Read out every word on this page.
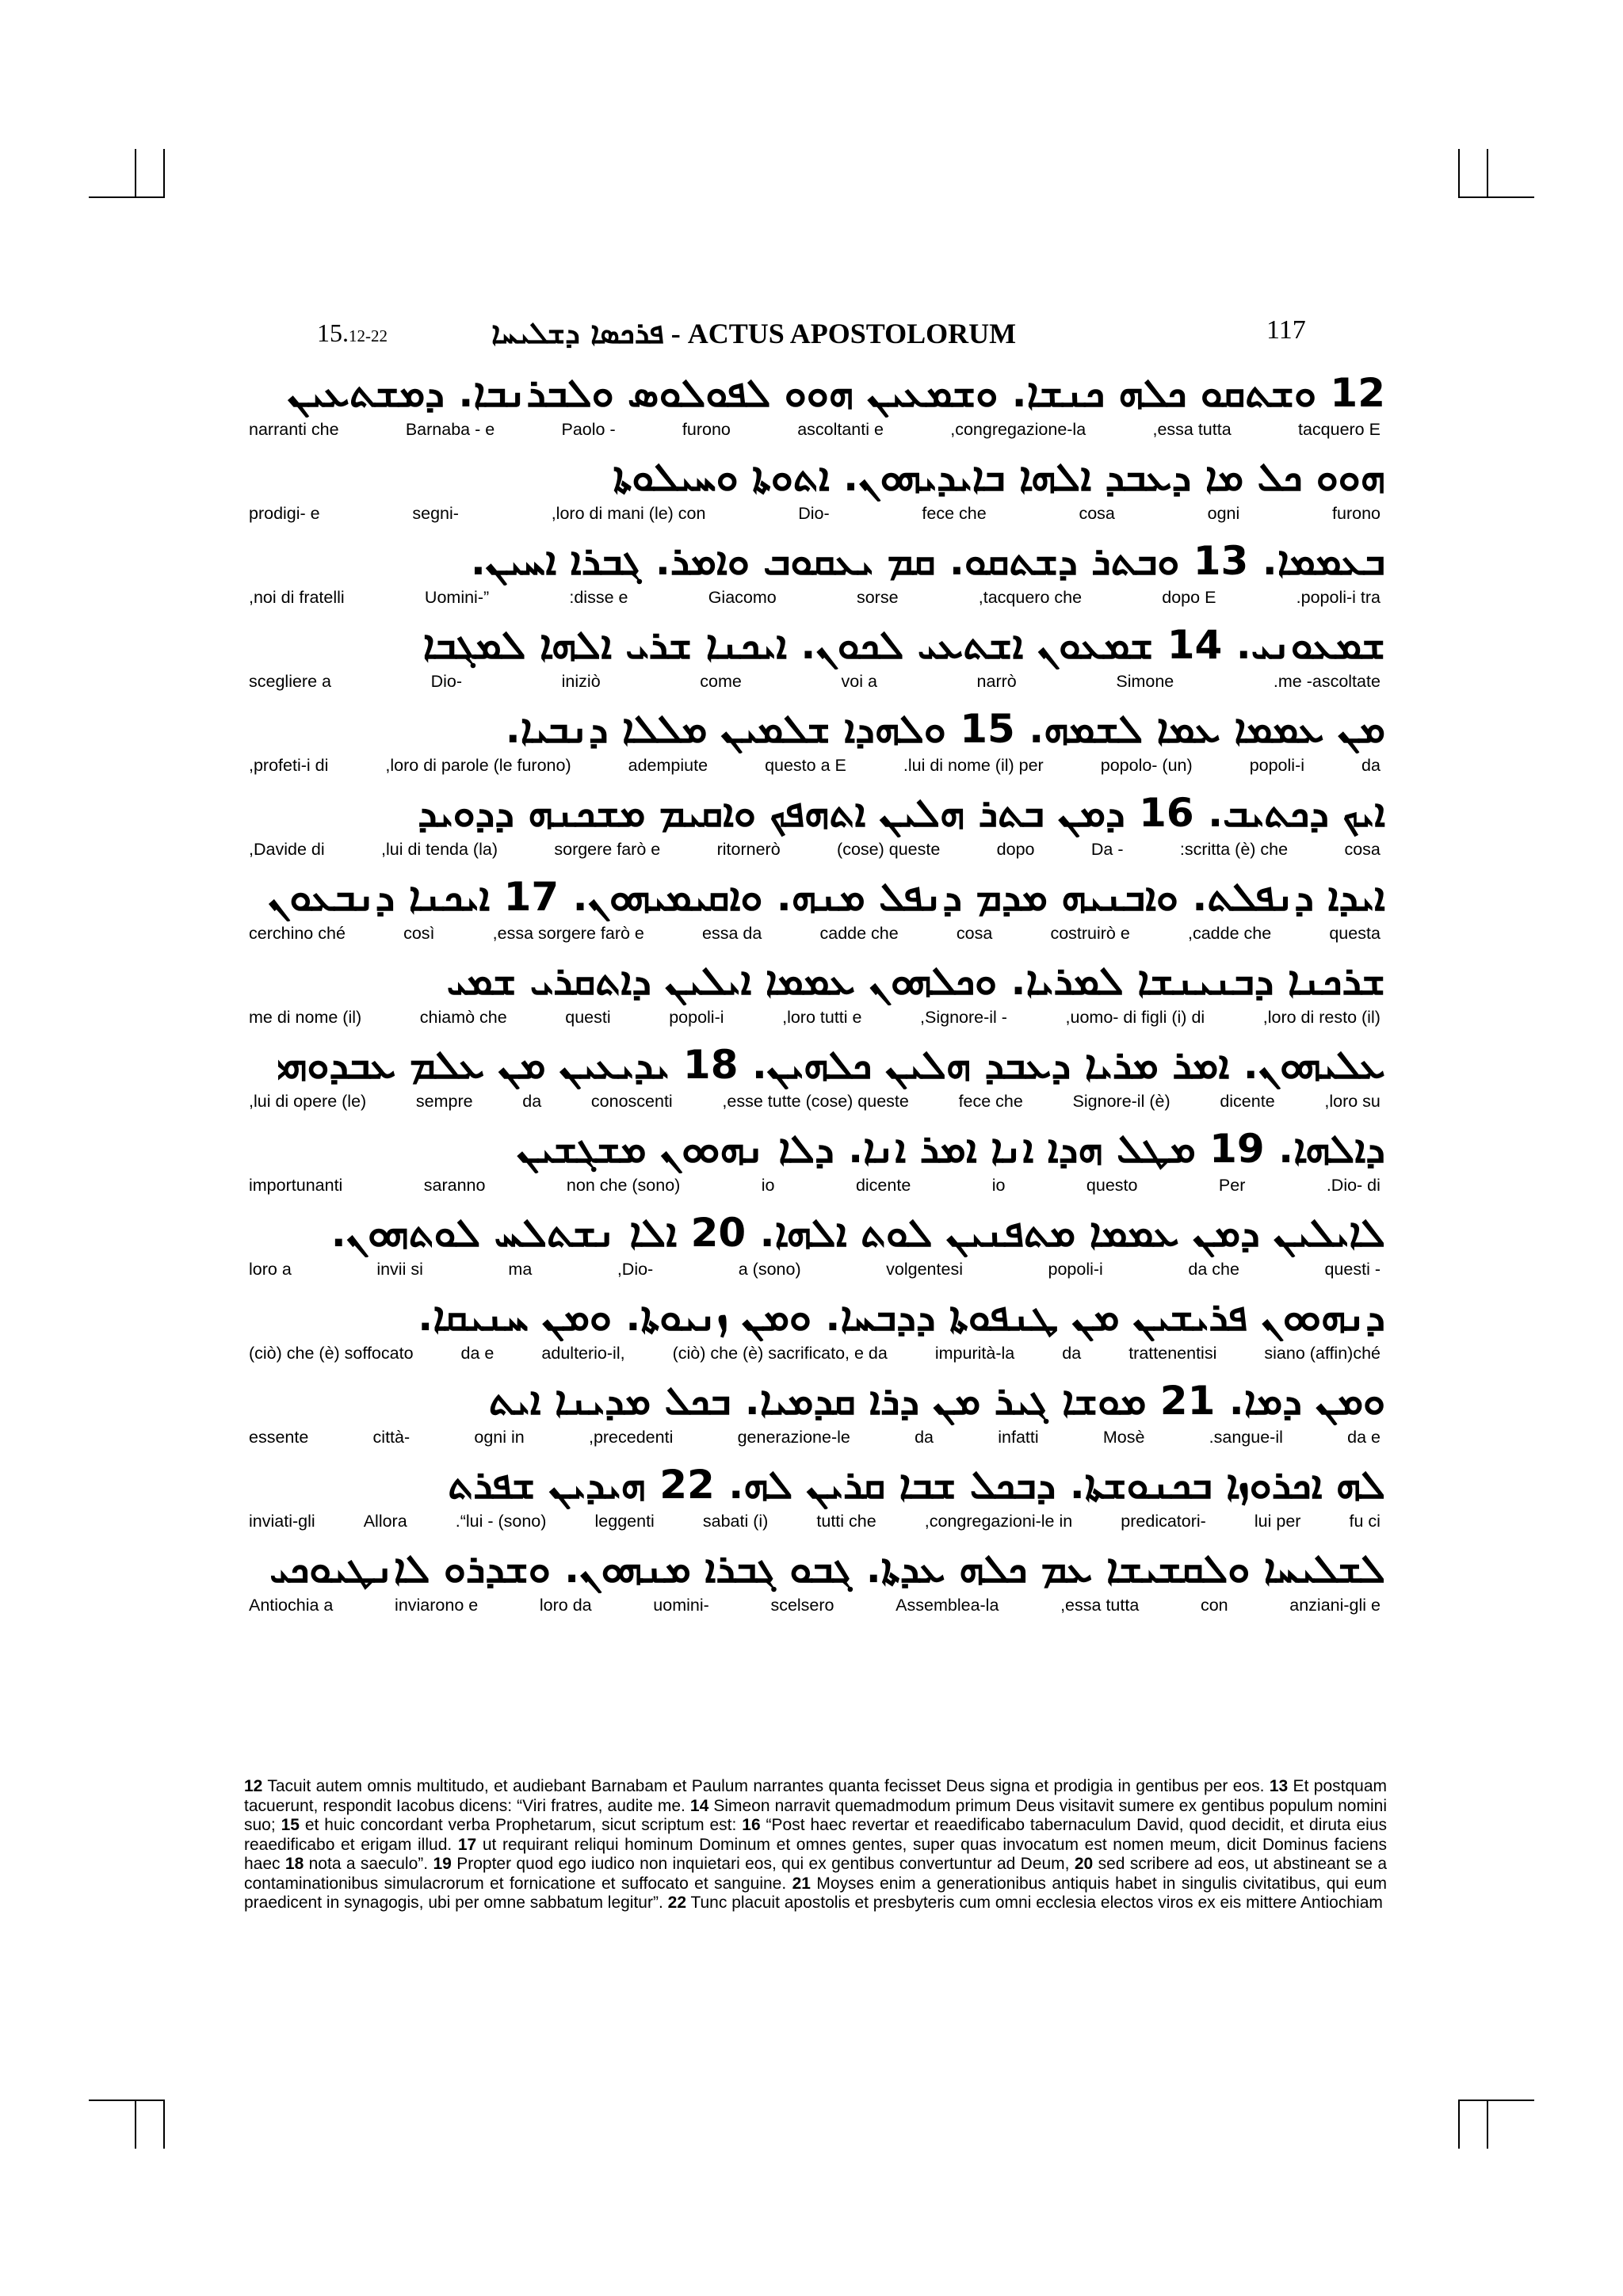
15.12-22	ܦܪܟܣܐ ܕܫܠܝܚܐ - ACTUS APOSTOLORUM	117
12 ܘܫܬܩܘ ܟܠܗ ܟܢܫܐ. ܘܫܡܥܝܢ ܗܘܘ ܠܦܘܠܘܣ ܘܠܒܪܢܒܐ. ܕܡܫܬܥܝܢ
tacquero E
,essa tutta
,congregazione-la
ascoltanti e
furono
Paolo -
Barnaba - e
narranti che
ܗܘܘ ܟܠ ܡܐ ܕܥܒܕ ܐܠܗܐ ܒܐܝܕܝܗܘܢ. ܐܬܘܬܐ ܘܚܝܠܘܬܐ
furono
ogni
cosa
fece che
Dio-
,loro di mani (le) con
segni-
prodigi- e
ܒܥܡܡܐ. 13 ܘܒܬܪ ܕܫܬܩܘ. ܩܡ ܝܥܩܘܒ ܘܐܡܪ. ܓܒܪܐ ܐܚܝܢ.
.popoli-i tra
dopo E
,tacquero che
sorse
Giacomo
:disse e
Uomini-”
,noi di fratelli
ܫܡܥܘܢܝ. 14 ܫܡܥܘܢ ܐܫܬܥܝ ܠܟܘܢ. ܐܝܟܢܐ ܫܪܝ ܐܠܗܐ ܠܡܓܒܐ
.me -ascoltate
Simone
narrò
voi a
come
iniziò
Dio-
scegliere a
ܡܢ ܥܡܡܐ ܥܡܐ ܠܫܡܗ. 15 ܘܠܗܕܐ ܫܠܡܝܢ ܡܠܠܐ ܕܢܒܝܐ.
da
popoli-i
popolo- (un)
.lui di nome (il) per
questo a E
adempiute
,loro di parole (le furono)
,profeti-i di
ܐܝܟ ܕܟܬܝܒ. 16 ܕܡܢ ܒܬܪ ܗܠܝܢ ܐܬܗܦܟ ܘܐܩܝܡ ܡܫܟܢܗ ܕܕܘܝܕ
cosa
:scritta (è) che
Da -
dopo
(cose) queste
ritornerò
sorgere farò e
,lui di tenda (la)
,Davide di
ܐܝܕܐ ܕܢܦܠܬ. ܘܐܒܢܝܗ ܡܕܡ ܕܢܦܠ ܡܢܗ. ܘܐܩܝܡܝܗܘܢ. 17 ܐܝܟܢܐ ܕܢܒܥܘܢ
questa
,cadde che
costruirò e
cosa
cadde che
essa da
,essa sorgere farò e
così
cerchino ché
ܫܪܟܢܐ ܕܒܢܝܢܫܐ ܠܡܪܝܐ. ܘܟܠܗܘܢ ܥܡܡܐ ܐܝܠܝܢ ܕܐܬܩܪܝ ܫܡܝ
,loro di resto (il)
,uomo- di figli (i) di
,Signore-il -
,loro tutti e
popoli-i
questi
chiamò che
me di nome (il)
ܥܠܝܗܘܢ. ܐܡܪ ܡܪܝܐ ܕܥܒܕ ܗܠܝܢ ܟܠܗܝܢ. 18 ܝܕܝܥܝܢ ܡܢ ܥܠܡ ܥܒܕܘܗܝ
,loro su
dicente
Signore-il (è)
fece che
,esse tutte (cose) queste
conoscenti
da
sempre
,lui di opere (le)
ܕܐܠܗܐ. 19 ܡܛܠ ܗܕܐ ܐܢܐ ܐܡܪ ܐܢܐ. ܕܠܐ ܢܗܘܘܢ ܡܫܓܫܝܢ
.Dio- di
Per
questo
io
dicente
io
non che (sono)
saranno
importunanti
ܠܐܝܠܝܢ ܕܡܢ ܥܡܡܐ ܡܬܦܢܝܢ ܠܘܬ ܐܠܗܐ. 20 ܐܠܐ ܢܫܬܠܚ ܠܘܬܗܘܢ.
questi -
da che
popoli-i
volgentesi
a (sono)
,Dio-
ma
invii si
loro a
ܕܢܗܘܘܢ ܦܪܝܫܝܢ ܡܢ ܛܢܦܘܬܐ ܕܕܒܚܐ. ܘܡܢ ܙܢܝܘܬܐ. ܘܡܢ ܚܢܝܩܐ.
siano (affin)ché
trattenentisi
da
impurità-la
(ciò) che (è) sacrificato, e da
adulterio-il,
da e
(ciò) che (è) soffocato
ܘܡܢ ܕܡܐ. 21 ܡܘܫܐ ܓܝܪ ܡܢ ܕܪܐ ܩܕܡܝܐ. ܒܟܠ ܡܕܝܢܐ ܐܝܬ
da e
.sangue-il
Mosè
infatti
da
generazione-le
,precedenti
ogni in
città-
essente
ܠܗ ܐܟܪܘܙܐ ܒܟܢܘܫܬܐ. ܕܒܟܠ ܫܒܐ ܩܪܝܢ ܠܗ. 22 ܗܝܕܝܢ ܫܦܪܬ
fu ci
lui per
predicatori-
,congregazioni-le in
tutti che
sabati (i)
leggenti
.“lui - (sono)
Allora
inviati-gli
ܠܫܠܝܚܐ ܘܠܩܫܝܫܐ ܥܡ ܟܠܗ ܥܕܬܐ. ܓܒܘ ܓܒܪܐ ܡܢܗܘܢ. ܘܫܕܪܘ ܠܐܢܛܝܘܟܝ
anziani-gli e
con
,essa tutta
Assemblea-la
scelsero
uomini-
loro da
inviarono e
Antiochia a
12 Tacuit autem omnis multitudo, et audiebant Barnabam et Paulum narrantes quanta fecisset Deus signa et prodigia in gentibus per eos. 13 Et postquam tacuerunt, respondit Iacobus dicens: “Viri fratres, audite me. 14 Simeon narravit quemadmodum primum Deus visitavit sumere ex gentibus populum nomini suo; 15 et huic concordant verba Prophetarum, sicut scriptum est: 16 “Post haec revertar et reaedificabo tabernaculum David, quod decidit, et diruta eius reaedificabo et erigam illud. 17 ut requirant reliqui hominum Dominum et omnes gentes, super quas invocatum est nomen meum, dicit Dominus faciens haec 18 nota a saeculo”. 19 Propter quod ego iudico non inquietari eos, qui ex gentibus convertuntur ad Deum, 20 sed scribere ad eos, ut abstineant se a contaminationibus simulacrorum et fornicatione et suffocato et sanguine. 21 Moyses enim a generationibus antiquis habet in singulis civitatibus, qui eum praedicent in synagogis, ubi per omne sabbatum legitur”. 22 Tunc placuit apostolis et presbyteris cum omni ecclesia electos viros ex eis mittere Antiochiam
